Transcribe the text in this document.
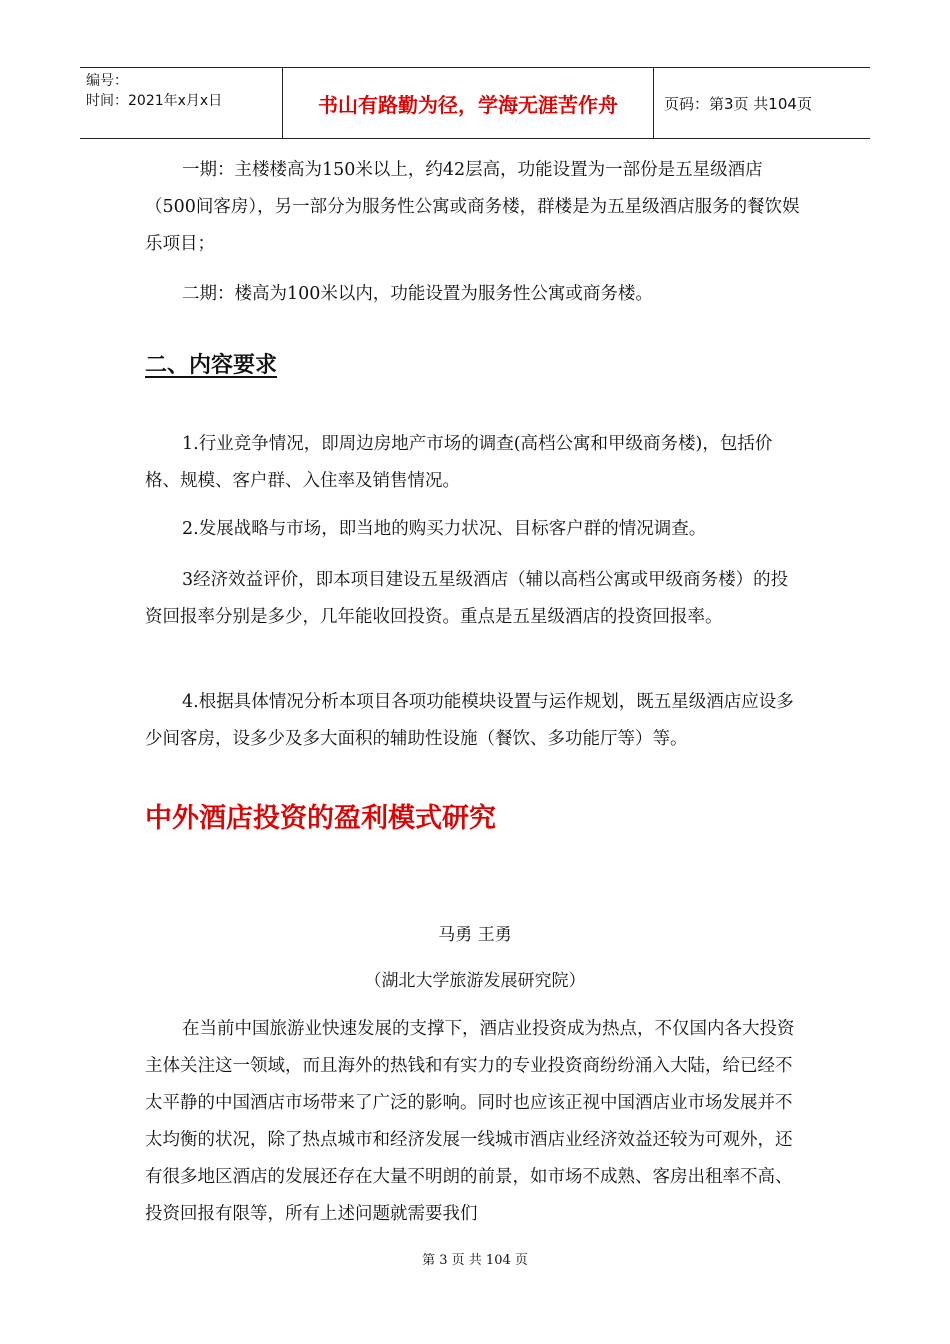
编号：
时间：2021年x月x日	书山有路勤为径，学海无涯苦作舟	页码：第3页 共104页

一期：主楼楼高为150米以上，约42层高，功能设置为一部份是五星级酒店（500间客房），另一部分为服务性公寓或商务楼，群楼是为五星级酒店服务的餐饮娱乐项目；

二期：楼高为100米以内，功能设置为服务性公寓或商务楼。

二、内容要求

1.行业竞争情况，即周边房地产市场的调查(高档公寓和甲级商务楼)，包括价格、规模、客户群、入住率及销售情况。

2.发展战略与市场，即当地的购买力状况、目标客户群的情况调查。

3经济效益评价，即本项目建设五星级酒店（辅以高档公寓或甲级商务楼）的投资回报率分别是多少，几年能收回投资。重点是五星级酒店的投资回报率。

4.根据具体情况分析本项目各项功能模块设置与运作规划，既五星级酒店应设多少间客房，设多少及多大面积的辅助性设施（餐饮、多功能厅等）等。

中外酒店投资的盈利模式研究

马勇 王勇

（湖北大学旅游发展研究院）

在当前中国旅游业快速发展的支撑下，酒店业投资成为热点，不仅国内各大投资主体关注这一领域，而且海外的热钱和有实力的专业投资商纷纷涌入大陆，给已经不太平静的中国酒店市场带来了广泛的影响。同时也应该正视中国酒店业市场发展并不太均衡的状况，除了热点城市和经济发展一线城市酒店业经济效益还较为可观外，还有很多地区酒店的发展还存在大量不明朗的前景，如市场不成熟、客房出租率不高、投资回报有限等，所有上述问题就需要我们

第 3 页 共 104 页
